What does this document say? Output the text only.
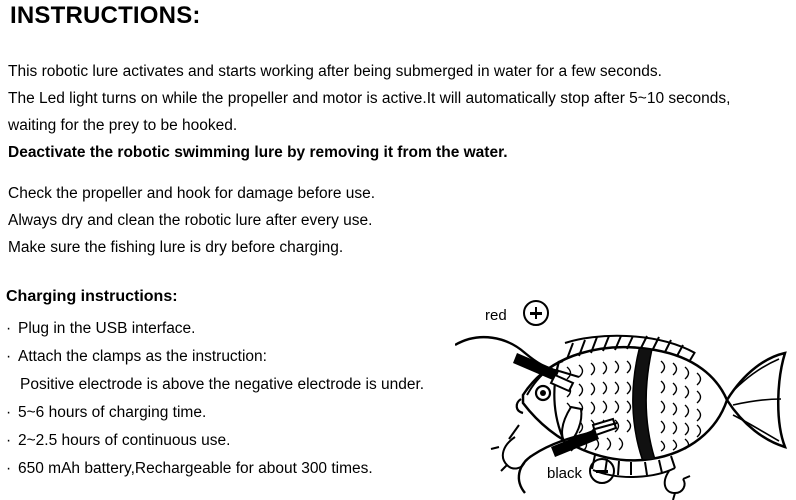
INSTRUCTIONS:
This robotic lure activates and starts working after being submerged in water for a few seconds.
The Led light turns on while the propeller and motor is active.It will automatically stop after 5~10 seconds,
waiting for the prey to be hooked.
Deactivate the robotic swimming lure by removing it from the water.
Check the propeller and hook for damage before use.
Always dry and clean the robotic lure after every use.
Make sure the fishing lure is dry before charging.
Charging instructions:
· Plug in the USB interface.
· Attach the clamps as the instruction:
Positive electrode is above the negative electrode is under.
· 5~6 hours of charging time.
· 2~2.5 hours of continuous use.
· 650 mAh battery,Rechargeable for about 300 times.
red
black
